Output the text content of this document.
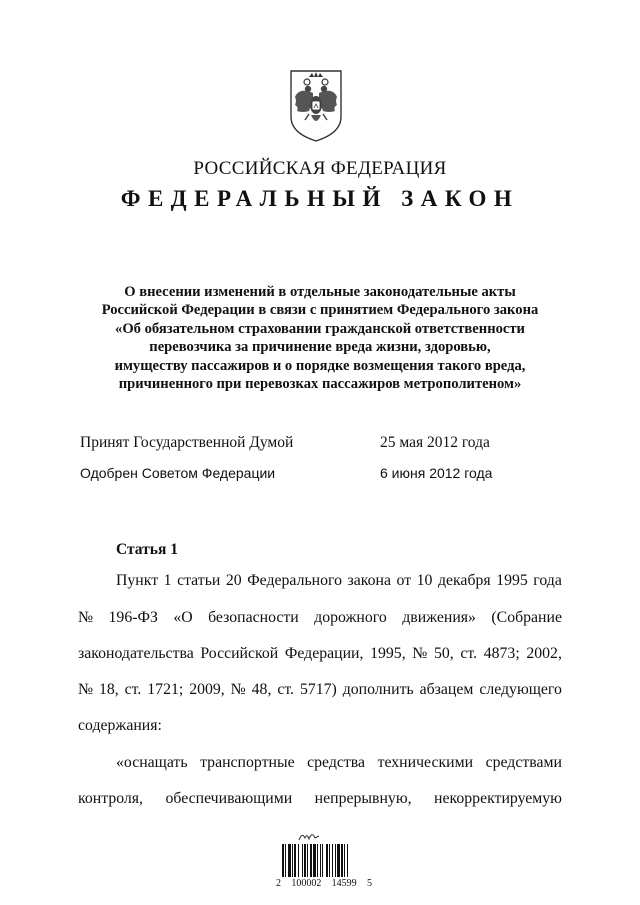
РОССИЙСКАЯ ФЕДЕРАЦИЯ
ФЕДЕРАЛЬНЫЙ ЗАКОН
О внесении изменений в отдельные законодательные акты
Российской Федерации в связи с принятием Федерального закона
«Об обязательном страховании гражданской ответственности
перевозчика за причинение вреда жизни, здоровью,
имуществу пассажиров и о порядке возмещения такого вреда,
причиненного при перевозках пассажиров метрополитеном»
Принят Государственной Думой	25 мая 2012 года
Одобрен Советом Федерации	6 июня 2012 года
Статья 1
Пункт 1 статьи 20 Федерального закона от 10 декабря 1995 года
№ 196-ФЗ «О безопасности дорожного движения» (Собрание
законодательства Российской Федерации, 1995, № 50, ст. 4873; 2002,
№ 18, ст. 1721; 2009, № 48, ст. 5717) дополнить абзацем следующего
содержания:
«оснащать транспортные средства техническими средствами
контроля, обеспечивающими непрерывную, некорректируемую
2 100002 14599 5
